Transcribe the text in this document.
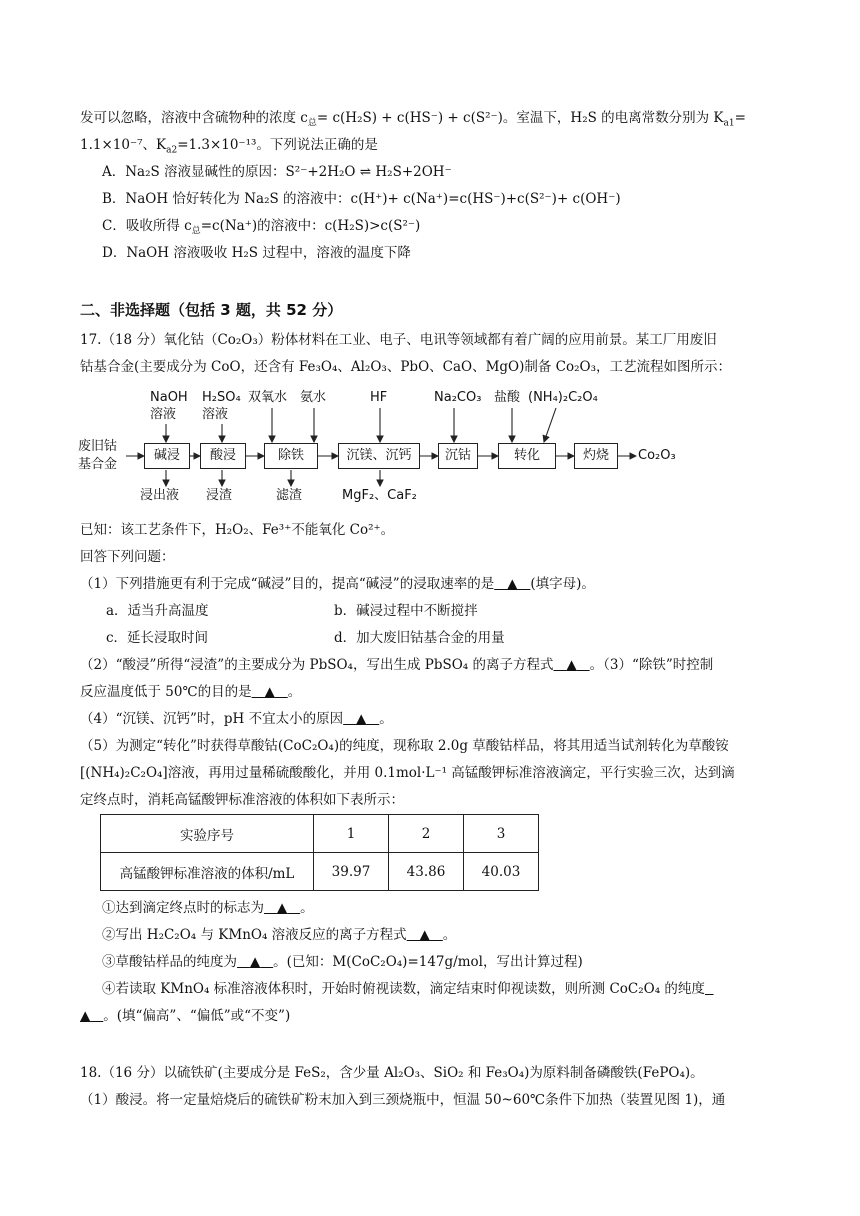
发可以忽略，溶液中含硫物种的浓度 $c_总= c(H_2S) + c(HS^-) + c(S^{2-})$。室温下，H₂S 的电离常数分别为 $K_{a1}=$
1.1×10⁻⁷、$K_{a2}=1.3\times 10^{-13}$。下列说法正确的是
A．Na₂S 溶液显碱性的原因：S²⁻+2H₂O ⇌ H₂S+2OH⁻
B．NaOH 恰好转化为 Na₂S 的溶液中：c(H⁺)+ c(Na⁺)=c(HS⁻)+c(S²⁻)+ c(OH⁻)
C．吸收所得 $c_总=c(Na^+)$的溶液中：c(H₂S)>c(S²⁻)
D．NaOH 溶液吸收 H₂S 过程中，溶液的温度下降
二、非选择题（包括 3 题，共 52 分）
17.（18 分）氧化钴（Co₂O₃）粉体材料在工业、电子、电讯等领域都有着广阔的应用前景。某工厂用废旧
钴基合金(主要成分为 CoO，还含有 Fe₃O₄、Al₂O₃、PbO、CaO、MgO)制备 Co₂O₃，工艺流程如图所示：
废旧钴
基合金
碱浸	酸浸	除铁	沉镁、沉钙	沉钴	转化	灼烧	Co₂O₃
NaOH
溶液
H₂SO₄
溶液
双氧水 氨水	HF	Na₂CO₃ 盐酸 (NH₄)₂C₂O₄
浸出液 浸渣	滤渣	MgF₂、CaF₂
已知：该工艺条件下，H₂O₂、Fe³⁺不能氧化 Co²⁺。
回答下列问题：
（1）下列措施更有利于完成“碱浸”目的，提高“碱浸”的浸取速率的是 ▲ (填字母)。
a．适当升高温度	b．碱浸过程中不断搅拌
c．延长浸取时间	d．加大废旧钴基合金的用量
（2）“酸浸”所得“浸渣”的主要成分为 PbSO₄，写出生成 PbSO₄ 的离子方程式 ▲ 。（3）“除铁”时控制
反应温度低于 50℃的目的是 ▲ 。
（4）“沉镁、沉钙”时，pH 不宜太小的原因 ▲ 。
（5）为测定“转化”时获得草酸钴(CoC₂O₄)的纯度，现称取 2.0g 草酸钴样品，将其用适当试剂转化为草酸铵
[(NH₄)₂C₂O₄]溶液，再用过量稀硫酸酸化，并用 0.1mol·L⁻¹ 高锰酸钾标准溶液滴定，平行实验三次，达到滴
定终点时，消耗高锰酸钾标准溶液的体积如下表所示：
实验序号	1	2	3
高锰酸钾标准溶液的体积/mL	39.97	43.86	40.03
①达到滴定终点时的标志为 ▲ 。
②写出 H₂C₂O₄ 与 KMnO₄ 溶液反应的离子方程式 ▲ 。
③草酸钴样品的纯度为 ▲ 。(已知：M(CoC₂O₄)=147g/mol，写出计算过程)
④若读取 KMnO₄ 标准溶液体积时，开始时俯视读数，滴定结束时仰视读数，则所测 CoC₂O₄ 的纯度
▲ 。(填“偏高”、“偏低”或“不变”)
18.（16 分）以硫铁矿(主要成分是 FeS₂，含少量 Al₂O₃、SiO₂ 和 Fe₃O₄)为原料制备磷酸铁(FePO₄)。
（1）酸浸。将一定量焙烧后的硫铁矿粉末加入到三颈烧瓶中，恒温 50~60℃条件下加热（装置见图 1)，通
